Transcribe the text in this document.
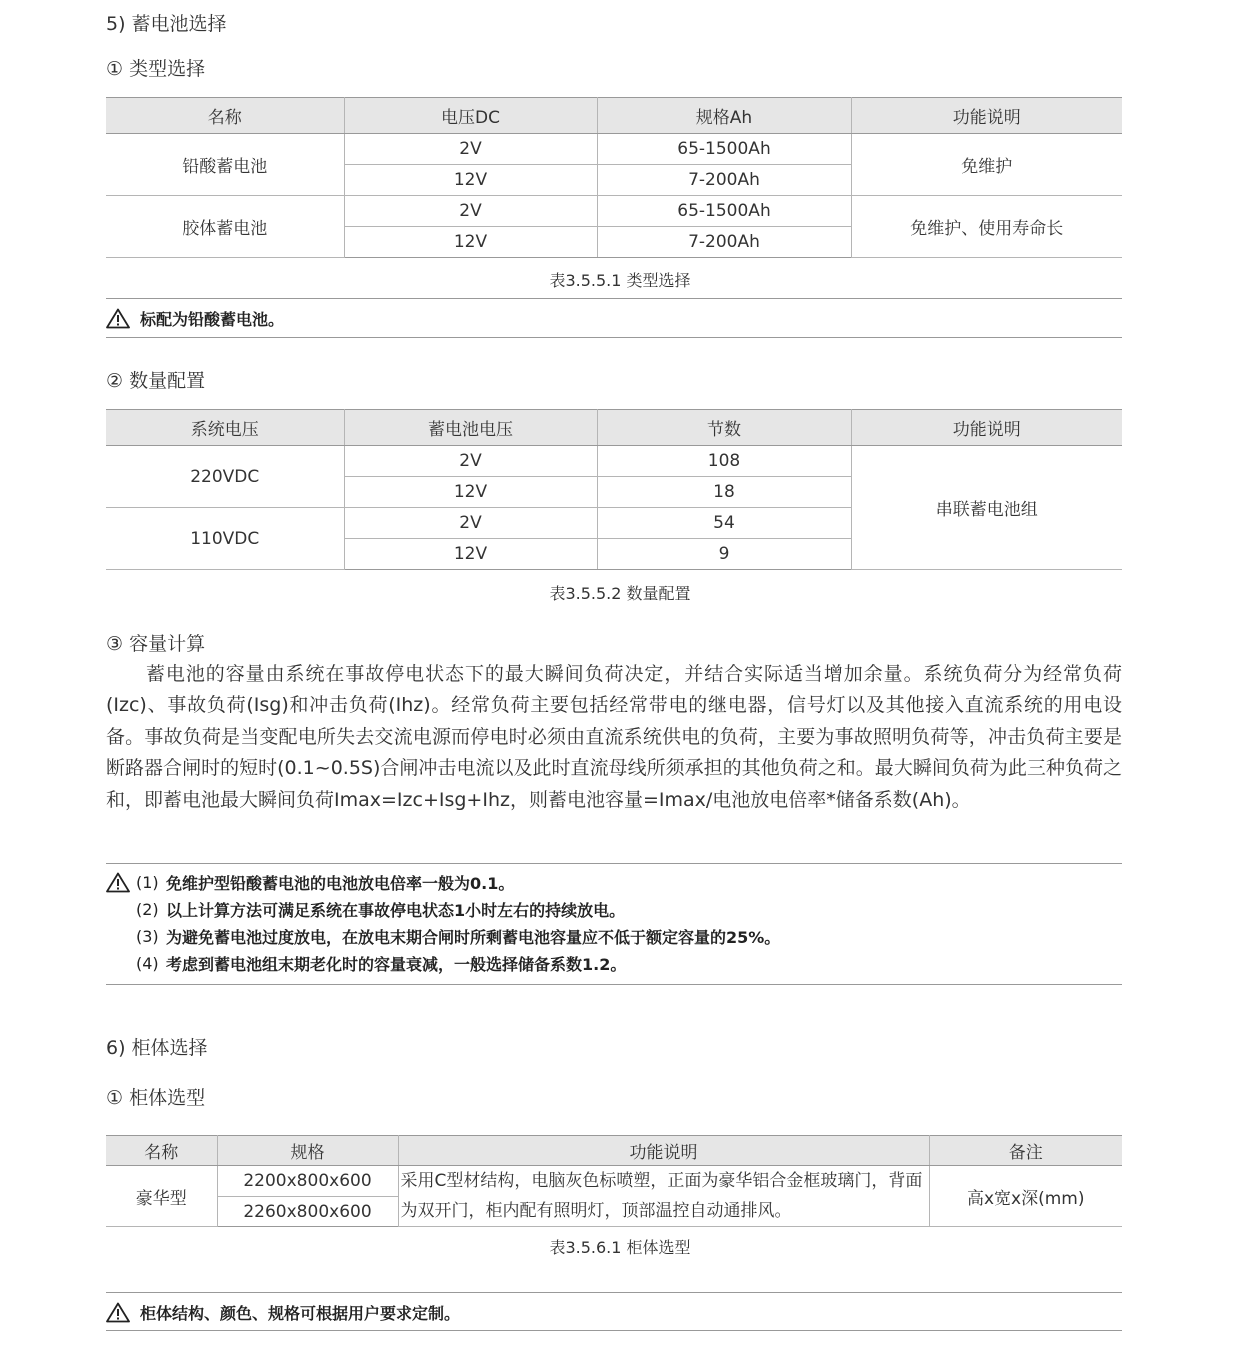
5) 蓄电池选择
① 类型选择
名称	电压DC	规格Ah	功能说明
铅酸蓄电池	2V	65-1500Ah	免维护
	12V	7-200Ah	
胶体蓄电池	2V	65-1500Ah	免维护、使用寿命长
	12V	7-200Ah	
表3.5.5.1 类型选择
标配为铅酸蓄电池。
② 数量配置
系统电压	蓄电池电压	节数	功能说明
220VDC	2V	108	串联蓄电池组
	12V	18	
110VDC	2V	54	
	12V	9	
表3.5.5.2 数量配置
③ 容量计算

蓄电池的容量由系统在事故停电状态下的最大瞬间负荷决定，并结合实际适当增加余量。系统负荷分为经常负荷(Izc)、事故负荷(Isg)和冲击负荷(Ihz)。经常负荷主要包括经常带电的继电器，信号灯以及其他接入直流系统的用电设备。事故负荷是当变配电所失去交流电源而停电时必须由直流系统供电的负荷，主要为事故照明负荷等，冲击负荷主要是断路器合闸时的短时(0.1~0.5S)合闸冲击电流以及此时直流母线所须承担的其他负荷之和。最大瞬间负荷为此三种负荷之和，即蓄电池最大瞬间负荷Imax=Izc+Isg+Ihz，则蓄电池容量=Imax/电池放电倍率*储备系数(Ah)。

(1) 免维护型铅酸蓄电池的电池放电倍率一般为0.1。
(2) 以上计算方法可满足系统在事故停电状态1小时左右的持续放电。
(3) 为避免蓄电池过度放电，在放电末期合闸时所剩蓄电池容量应不低于额定容量的25%。
(4) 考虑到蓄电池组末期老化时的容量衰减，一般选择储备系数1.2。
6) 柜体选择
① 柜体选型
名称	规格	功能说明	备注
豪华型	2200x800x600	采用C型材结构，电脑灰色标喷塑，正面为豪华铝合金框玻璃门，背面为双开门，柜内配有照明灯，顶部温控自动通排风。	高x宽x深(mm)
	2260x800x600		
表3.5.6.1 柜体选型
柜体结构、颜色、规格可根据用户要求定制。
